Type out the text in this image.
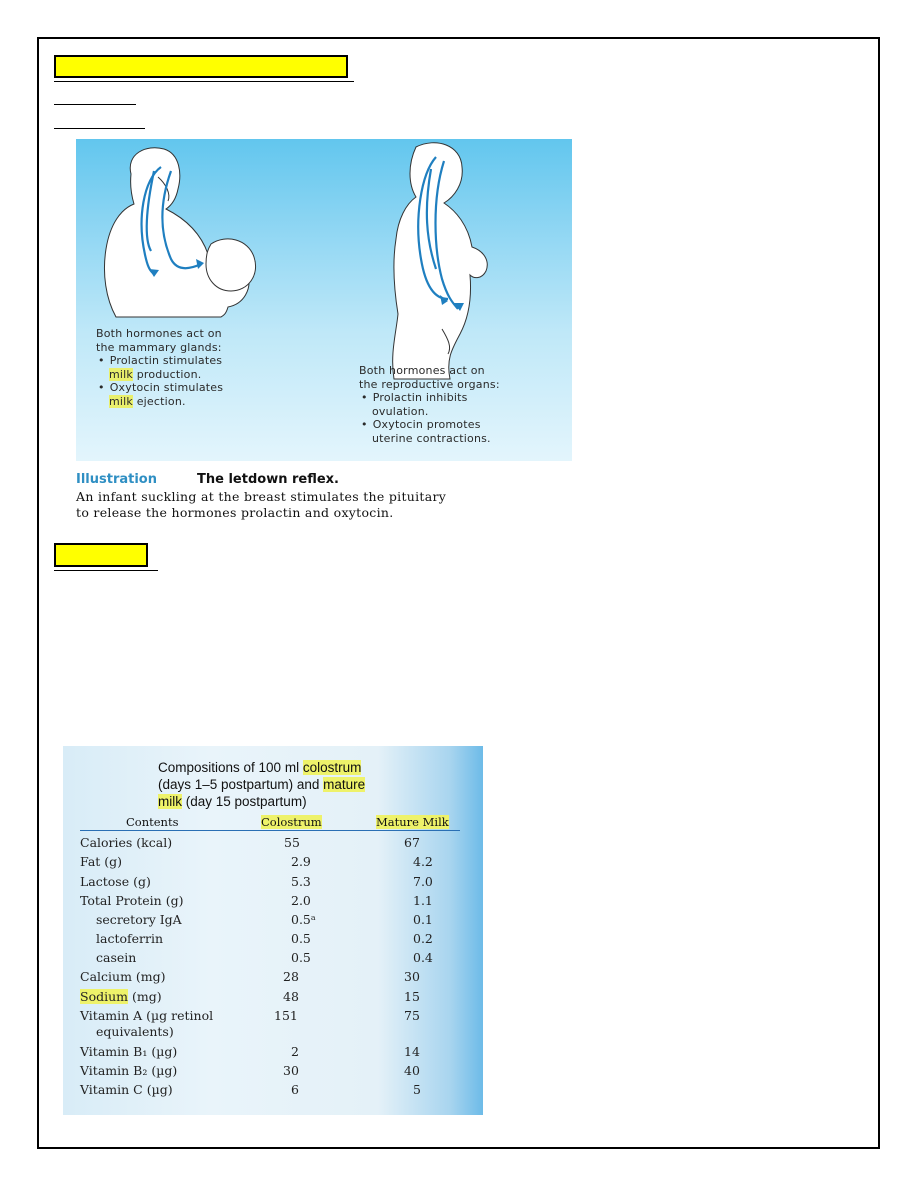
Both hormones act on
the mammary glands:
• Prolactin stimulates
milk production.
• Oxytocin stimulates
milk ejection.
Both hormones act on
the reproductive organs:
• Prolactin inhibits
ovulation.
• Oxytocin promotes
uterine contractions.
Illustration	The letdown reflex.
An infant suckling at the breast stimulates the pituitary
to release the hormones prolactin and oxytocin.
Compositions of 100 ml colostrum
(days 1–5 postpartum) and mature
milk (day 15 postpartum)
Contents	Colostrum	Mature Milk
Calories (kcal)	55	67
Fat (g)	2.9	4.2
Lactose (g)	5.3	7.0
Total Protein (g)	2.0	1.1
secretory IgA	0.5ᵃ	0.1
lactoferrin	0.5	0.2
casein	0.5	0.4
Calcium (mg)	28	30
Sodium (mg)	48	15
Vitamin A (µg retinol
equivalents)
151	75
Vitamin B₁ (µg)	2	14
Vitamin B₂ (µg)	30	40
Vitamin C (µg)	6	5
